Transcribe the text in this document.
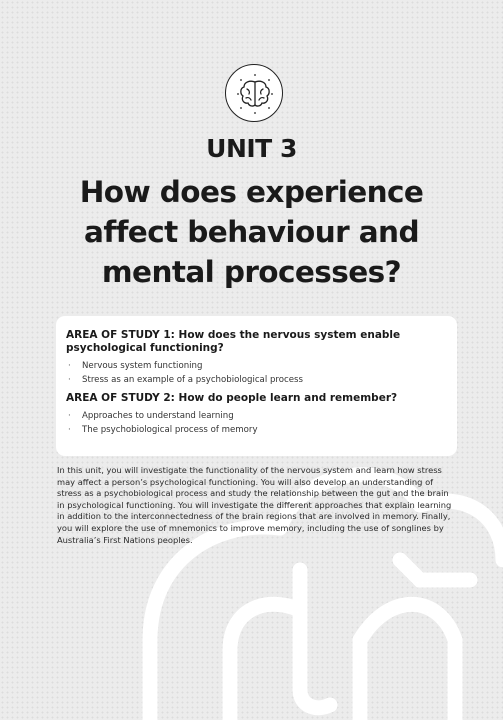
UNIT 3
How does experience affect behaviour and mental processes?
AREA OF STUDY 1: How does the nervous system enable psychological functioning?
· Nervous system functioning
· Stress as an example of a psychobiological process
AREA OF STUDY 2: How do people learn and remember?
· Approaches to understand learning
· The psychobiological process of memory

In this unit, you will investigate the functionality of the nervous system and learn how stress may affect a person’s psychological functioning. You will also develop an understanding of stress as a psychobiological process and study the relationship between the gut and the brain in psychological functioning. You will investigate the different approaches that explain learning in addition to the interconnectedness of the brain regions that are involved in memory. Finally, you will explore the use of mnemonics to improve memory, including the use of songlines by Australia’s First Nations peoples.
